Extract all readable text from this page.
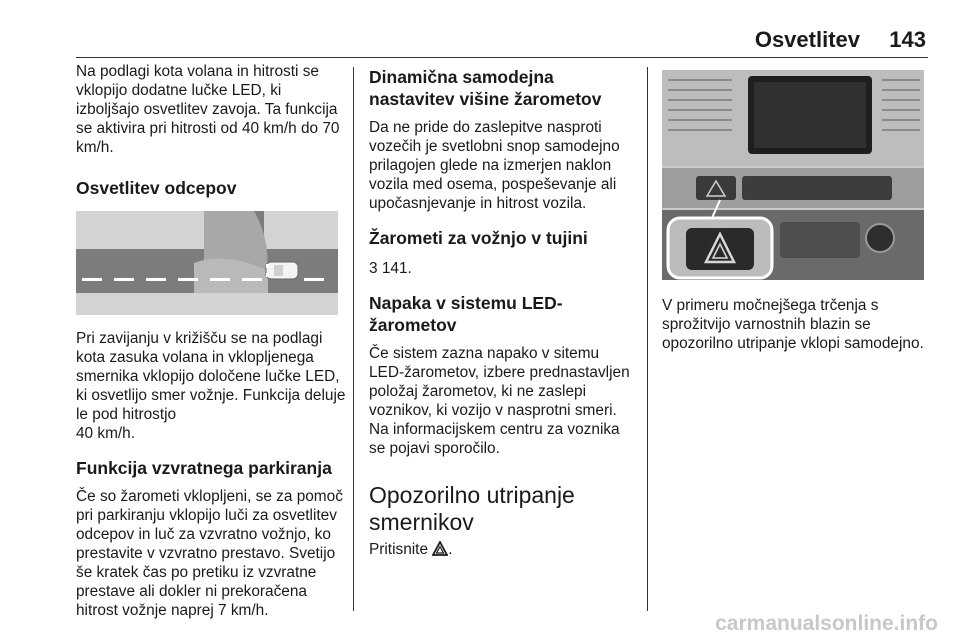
Osvetlitev 143

Na podlagi kota volana in hitrosti se vklopijo dodatne lučke LED, ki izboljšajo osvetlitev zavoja. Ta funkcija se aktivira pri hitrosti od 40 km/h do 70 km/h.

Osvetlitev odcepov

Pri zavijanju v križišču se na podlagi kota zasuka volana in vklopljenega smernika vklopijo določene lučke LED, ki osvetlijo smer vožnje. Funkcija deluje le pod hitrostjo

40 km/h.

Funkcija vzvratnega parkiranja

Če so žarometi vklopljeni, se za pomoč pri parkiranju vklopijo luči za osvetlitev odcepov in luč za vzvratno vožnjo, ko prestavite v vzvratno prestavo. Svetijo še kratek čas po pretiku iz vzvratne prestave ali dokler ni prekoračena hitrost vožnje naprej 7 km/h.

Dinamična samodejna nastavitev višine žarometov

Da ne pride do zaslepitve nasproti vozečih je svetlobni snop samodejno prilagojen glede na izmerjen naklon vozila med osema, pospeševanje ali upočasnjevanje in hitrost vozila.

Žarometi za vožnjo v tujini

3 141.

Napaka v sistemu LED-žarometov

Če sistem zazna napako v sitemu LED-žarometov, izbere prednastavljen položaj žarometov, ki ne zaslepi voznikov, ki vozijo v nasprotni smeri. Na informacijskem centru za voznika se pojavi sporočilo.

Opozorilno utripanje smernikov

Pritisnite .

V primeru močnejšega trčenja s sprožitvijo varnostnih blazin se opozorilno utripanje vklopi samodejno.

carmanualsonline.info
